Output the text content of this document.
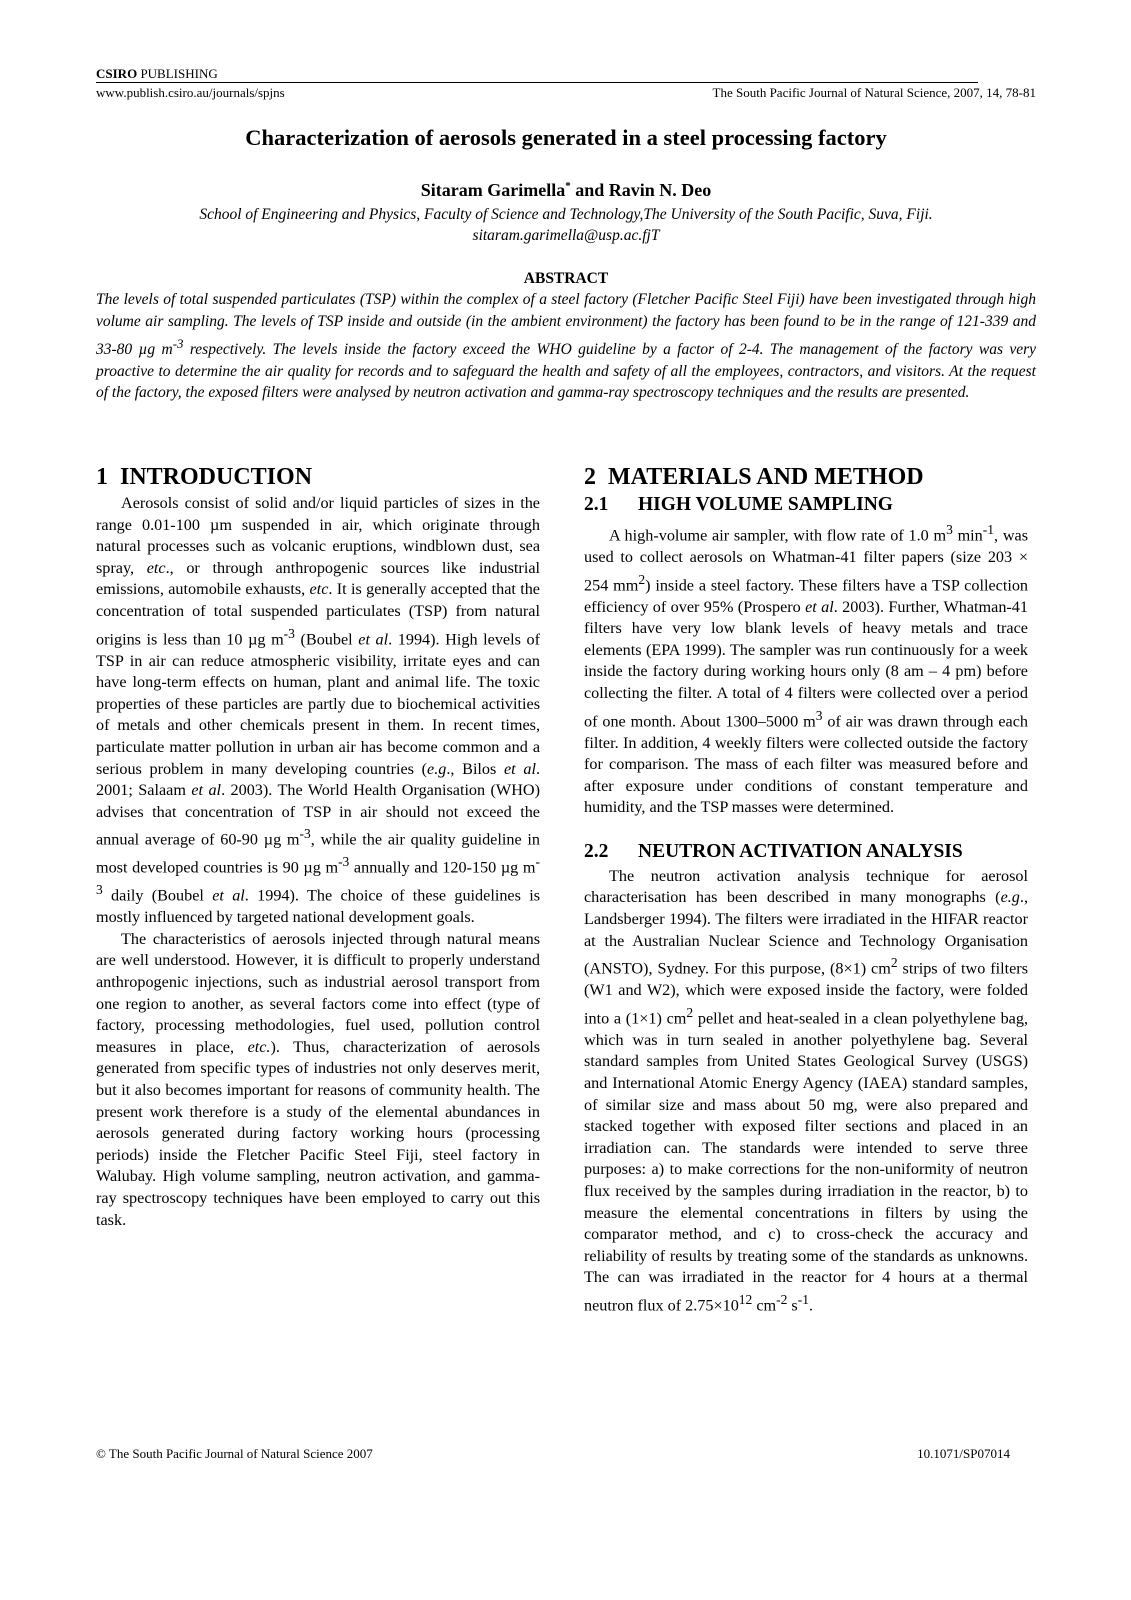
CSIRO PUBLISHING
www.publish.csiro.au/journals/spjns	The South Pacific Journal of Natural Science, 2007, 14, 78-81
Characterization of aerosols generated in a steel processing factory
Sitaram Garimella* and Ravin N. Deo
School of Engineering and Physics, Faculty of Science and Technology,The University of the South Pacific, Suva, Fiji.
sitaram.garimella@usp.ac.fjT
ABSTRACT
The levels of total suspended particulates (TSP) within the complex of a steel factory (Fletcher Pacific Steel Fiji) have been investigated through high volume air sampling. The levels of TSP inside and outside (in the ambient environment) the factory has been found to be in the range of 121-339 and 33-80 µg $m^{-3}$ respectively. The levels inside the factory exceed the WHO guideline by a factor of 2-4. The management of the factory was very proactive to determine the air quality for records and to safeguard the health and safety of all the employees, contractors, and visitors. At the request of the factory, the exposed filters were analysed by neutron activation and gamma-ray spectroscopy techniques and the results are presented.
1 INTRODUCTION

Aerosols consist of solid and/or liquid particles of sizes in the range 0.01-100 µm suspended in air, which originate through natural processes such as volcanic eruptions, windblown dust, sea spray, etc., or through anthropogenic sources like industrial emissions, automobile exhausts, etc. It is generally accepted that the concentration of total suspended particulates (TSP) from natural origins is less than 10 µg $m^{-3}$ (Boubel et al. 1994). High levels of TSP in air can reduce atmospheric visibility, irritate eyes and can have long-term effects on human, plant and animal life. The toxic properties of these particles are partly due to biochemical activities of metals and other chemicals present in them. In recent times, particulate matter pollution in urban air has become common and a serious problem in many developing countries (e.g., Bilos et al. 2001; Salaam et al. 2003). The World Health Organisation (WHO) advises that concentration of TSP in air should not exceed the annual average of 60-90 µg $m^{-3}$, while the air quality guideline in most developed countries is 90 µg $m^{-3}$ annually and 120-150 µg $m^{-3}$ daily (Boubel et al. 1994). The choice of these guidelines is mostly influenced by targeted national development goals.

The characteristics of aerosols injected through natural means are well understood. However, it is difficult to properly understand anthropogenic injections, such as industrial aerosol transport from one region to another, as several factors come into effect (type of factory, processing methodologies, fuel used, pollution control measures in place, etc.). Thus, characterization of aerosols generated from specific types of industries not only deserves merit, but it also becomes important for reasons of community health. The present work therefore is a study of the elemental abundances in aerosols generated during factory working hours (processing periods) inside the Fletcher Pacific Steel Fiji, steel factory in Walubay. High volume sampling, neutron activation, and gamma-ray spectroscopy techniques have been employed to carry out this task.

2 MATERIALS AND METHOD
2.1 HIGH VOLUME SAMPLING

A high-volume air sampler, with flow rate of 1.0 $m^3$ $\min^{-1}$, was used to collect aerosols on Whatman-41 filter papers (size 203 × 254 $mm^2$) inside a steel factory. These filters have a TSP collection efficiency of over 95% (Prospero et al. 2003). Further, Whatman-41 filters have very low blank levels of heavy metals and trace elements (EPA 1999). The sampler was run continuously for a week inside the factory during working hours only (8 am – 4 pm) before collecting the filter. A total of 4 filters were collected over a period of one month. About 1300–5000 $m^3$ of air was drawn through each filter. In addition, 4 weekly filters were collected outside the factory for comparison. The mass of each filter was measured before and after exposure under conditions of constant temperature and humidity, and the TSP masses were determined.

2.2 NEUTRON ACTIVATION ANALYSIS

The neutron activation analysis technique for aerosol characterisation has been described in many monographs (e.g., Landsberger 1994). The filters were irradiated in the HIFAR reactor at the Australian Nuclear Science and Technology Organisation (ANSTO), Sydney. For this purpose, (8×1) $cm^2$ strips of two filters (W1 and W2), which were exposed inside the factory, were folded into a (1×1) $cm^2$ pellet and heat-sealed in a clean polyethylene bag, which was in turn sealed in another polyethylene bag. Several standard samples from United States Geological Survey (USGS) and International Atomic Energy Agency (IAEA) standard samples, of similar size and mass about 50 mg, were also prepared and stacked together with exposed filter sections and placed in an irradiation can. The standards were intended to serve three purposes: a) to make corrections for the non-uniformity of neutron flux received by the samples during irradiation in the reactor, b) to measure the elemental concentrations in filters by using the comparator method, and c) to cross-check the accuracy and reliability of results by treating some of the standards as unknowns. The can was irradiated in the reactor for 4 hours at a thermal neutron flux of $2.75\times 10^{12}$ $cm^{-2}$ $s^{-1}$.

© The South Pacific Journal of Natural Science 2007	10.1071/SP07014
